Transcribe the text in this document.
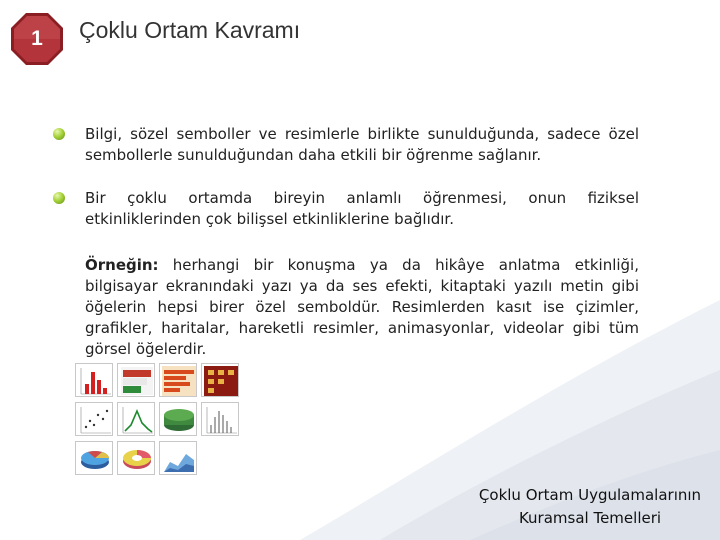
1	Çoklu Ortam Kavramı
Bilgi, sözel semboller ve resimlerle birlikte sunulduğunda, sadece özel sembollerle sunulduğundan daha etkili bir öğrenme sağlanır.
Bir çoklu ortamda bireyin anlamlı öğrenmesi, onun fiziksel etkinliklerinden çok bilişsel etkinliklerine bağlıdır.
Örneğin: herhangi bir konuşma ya da hikâye anlatma etkinliği, bilgisayar ekranındaki yazı ya da ses efekti, kitaptaki yazılı metin gibi öğelerin hepsi birer özel semboldür. Resimlerden kasıt ise çizimler, grafikler, haritalar, hareketli resimler, animasyonlar, videolar gibi tüm görsel öğelerdir.
Çoklu Ortam Uygulamalarının
Kuramsal Temelleri
